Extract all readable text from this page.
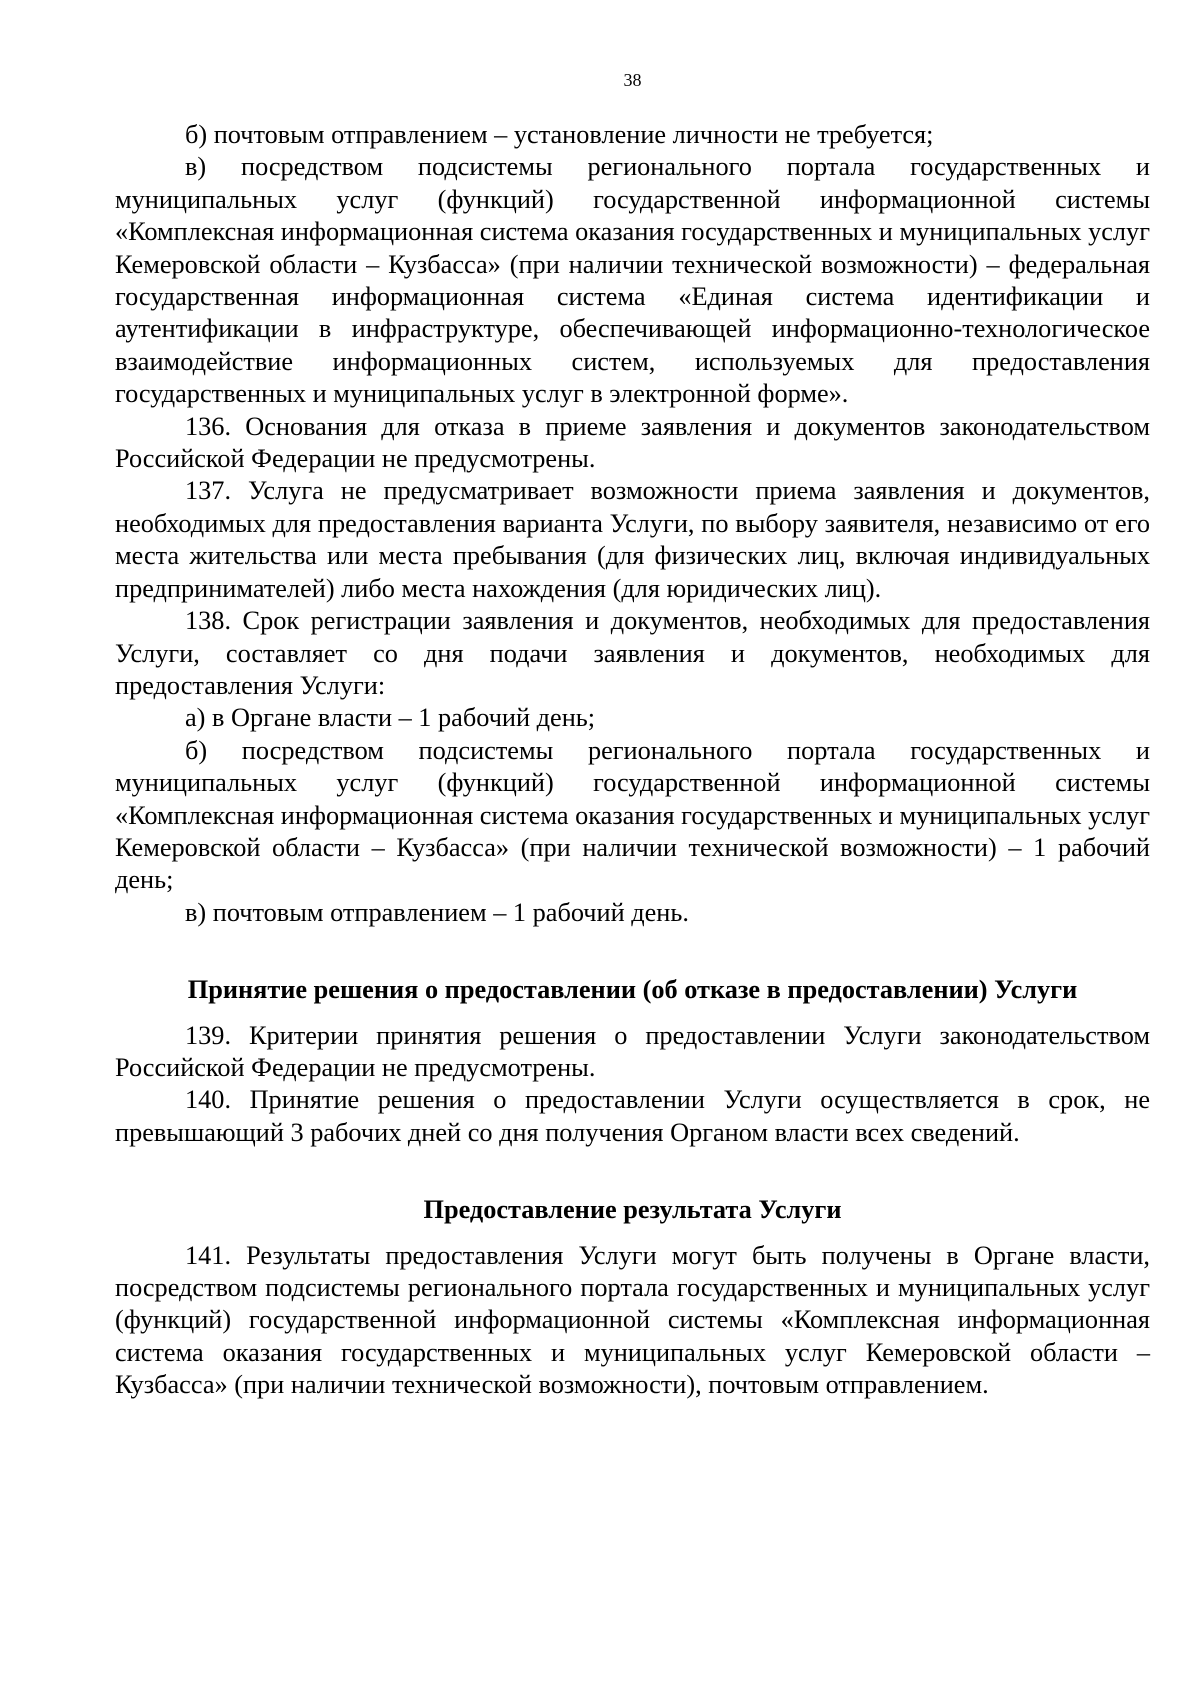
38

б) почтовым отправлением – установление личности не требуется;

в) посредством подсистемы регионального портала государственных и муниципальных услуг (функций) государственной информационной системы «Комплексная информационная система оказания государственных и муниципальных услуг Кемеровской области – Кузбасса» (при наличии технической возможности) – федеральная государственная информационная система «Единая система идентификации и аутентификации в инфраструктуре, обеспечивающей информационно-технологическое взаимодействие информационных систем, используемых для предоставления государственных и муниципальных услуг в электронной форме».

136. Основания для отказа в приеме заявления и документов законодательством Российской Федерации не предусмотрены.

137. Услуга не предусматривает возможности приема заявления и документов, необходимых для предоставления варианта Услуги, по выбору заявителя, независимо от его места жительства или места пребывания (для физических лиц, включая индивидуальных предпринимателей) либо места нахождения (для юридических лиц).

138. Срок регистрации заявления и документов, необходимых для предоставления Услуги, составляет со дня подачи заявления и документов, необходимых для предоставления Услуги:

а) в Органе власти – 1 рабочий день;

б) посредством подсистемы регионального портала государственных и муниципальных услуг (функций) государственной информационной системы «Комплексная информационная система оказания государственных и муниципальных услуг Кемеровской области – Кузбасса» (при наличии технической возможности) – 1 рабочий день;

в) почтовым отправлением – 1 рабочий день.

Принятие решения о предоставлении (об отказе в предоставлении) Услуги

139. Критерии принятия решения о предоставлении Услуги законодательством Российской Федерации не предусмотрены.

140. Принятие решения о предоставлении Услуги осуществляется в срок, не превышающий 3 рабочих дней со дня получения Органом власти всех сведений.

Предоставление результата Услуги

141. Результаты предоставления Услуги могут быть получены в Органе власти, посредством подсистемы регионального портала государственных и муниципальных услуг (функций) государственной информационной системы «Комплексная информационная система оказания государственных и муниципальных услуг Кемеровской области – Кузбасса» (при наличии технической возможности), почтовым отправлением.
